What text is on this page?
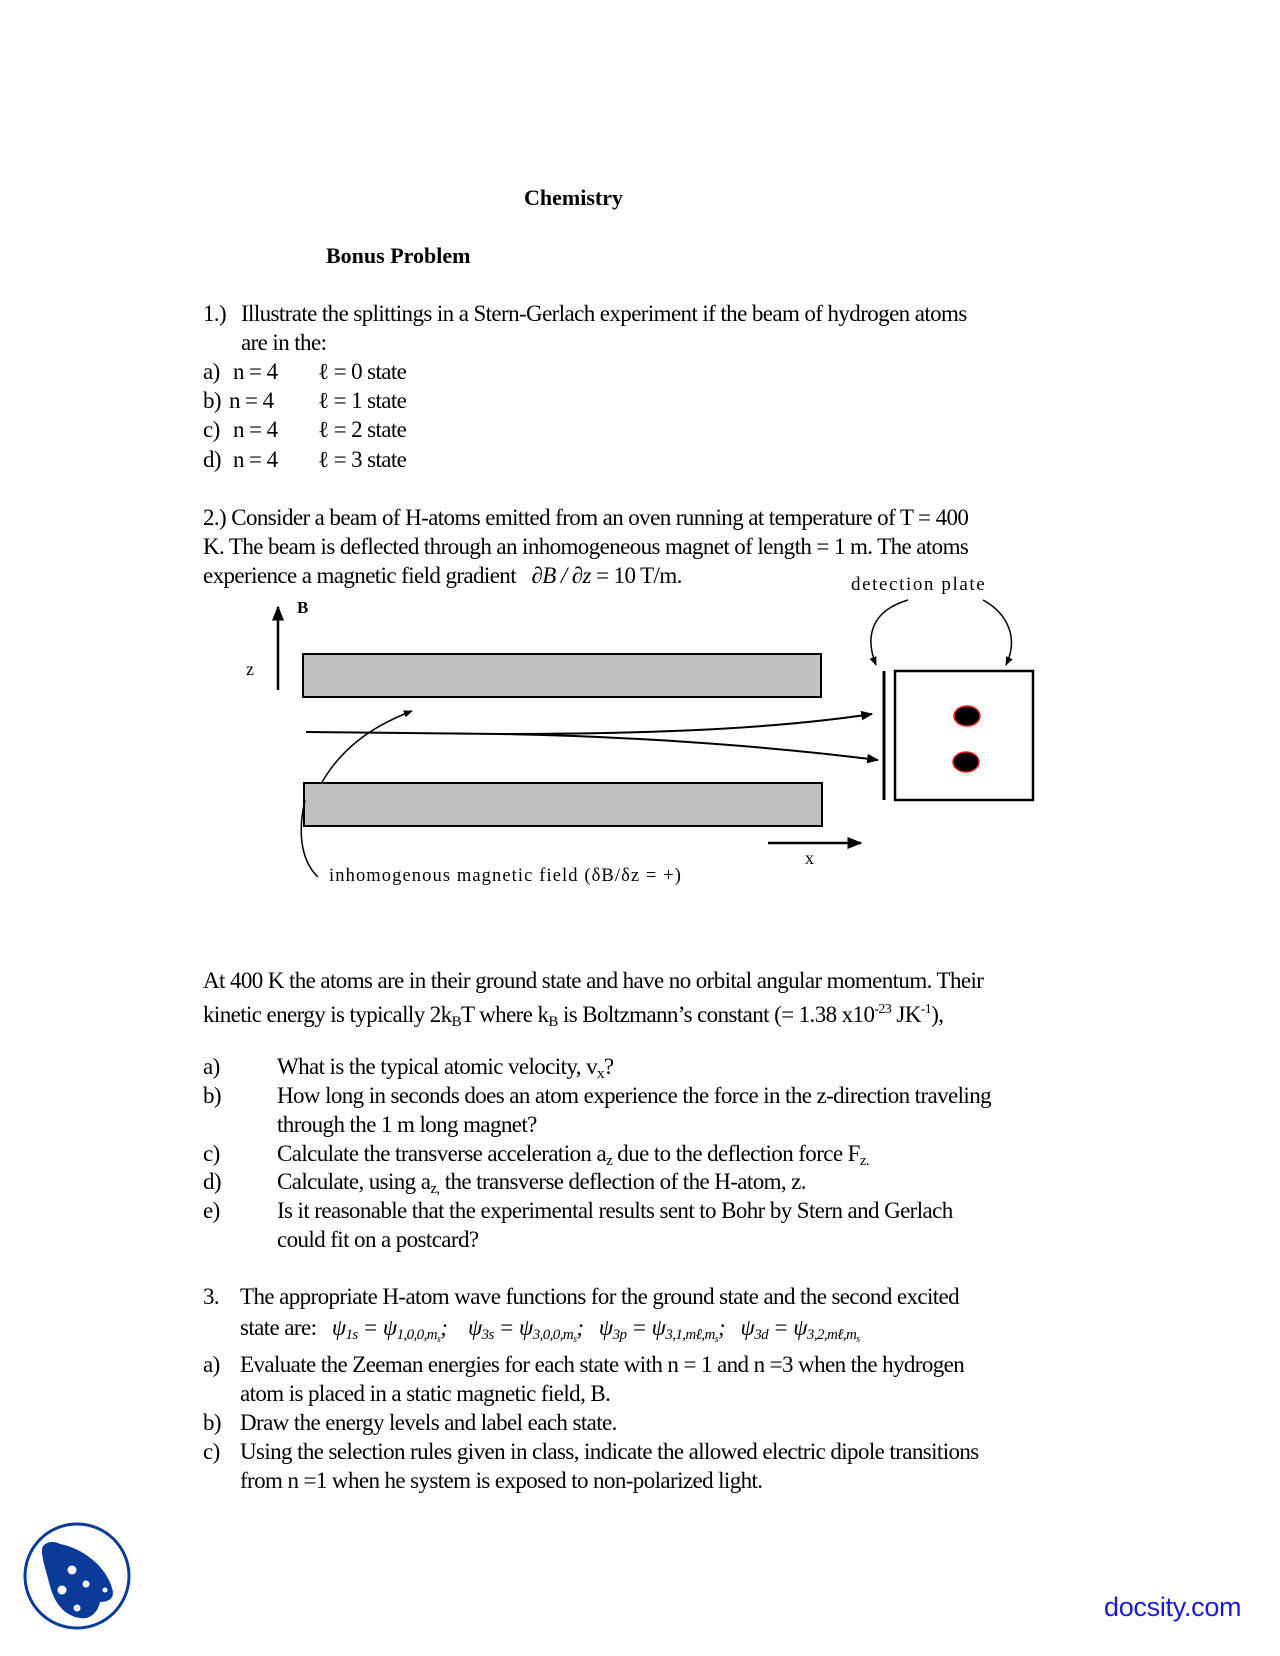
Chemistry
Bonus Problem
1.) Illustrate the splittings in a Stern-Gerlach experiment if the beam of hydrogen atoms
are in the:
a) n = 4 ℓ = 0 state
b) n = 4 ℓ = 1 state
c) n = 4 ℓ = 2 state
d) n = 4 ℓ = 3 state
2.) Consider a beam of H-atoms emitted from an oven running at temperature of T = 400
K. The beam is deflected through an inhomogeneous magnet of length = 1 m. The atoms
experience a magnetic field gradient ∂B / ∂z = 10 T/m.
B
z
x
detection plate
inhomogenous magnetic field (δB/δz = +)
At 400 K the atoms are in their ground state and have no orbital angular momentum. Their
kinetic energy is typically $2k_BT$ where $k_B$ is Boltzmann’s constant (= 1.38 $x10^{-23}$ $JK^{-1}$),
a) What is the typical atomic velocity, $v_x$?
b) How long in seconds does an atom experience the force in the z-direction traveling
through the 1 m long magnet?
c) Calculate the transverse acceleration $a_z$ due to the deflection force $F_{z.}$
d) Calculate, using $a_{z,}$ the transverse deflection of the H-atom, z.
e) Is it reasonable that the experimental results sent to Bohr by Stern and Gerlach
could fit on a postcard?
3. The appropriate H-atom wave functions for the ground state and the second excited
state are: $\psi_{1s} = \psi_{1,0,0,ms}$; $\psi_{3s} = \psi_{3,0,0,ms}$; $\psi_{3p} = \psi_{3,1,m\ell,ms}$; $\psi_{3d} = \psi_{3,2,m\ell,ms}$
a) Evaluate the Zeeman energies for each state with n = 1 and n =3 when the hydrogen
atom is placed in a static magnetic field, B.
b) Draw the energy levels and label each state.
c) Using the selection rules given in class, indicate the allowed electric dipole transitions
from n =1 when he system is exposed to non-polarized light.
docsity.com
